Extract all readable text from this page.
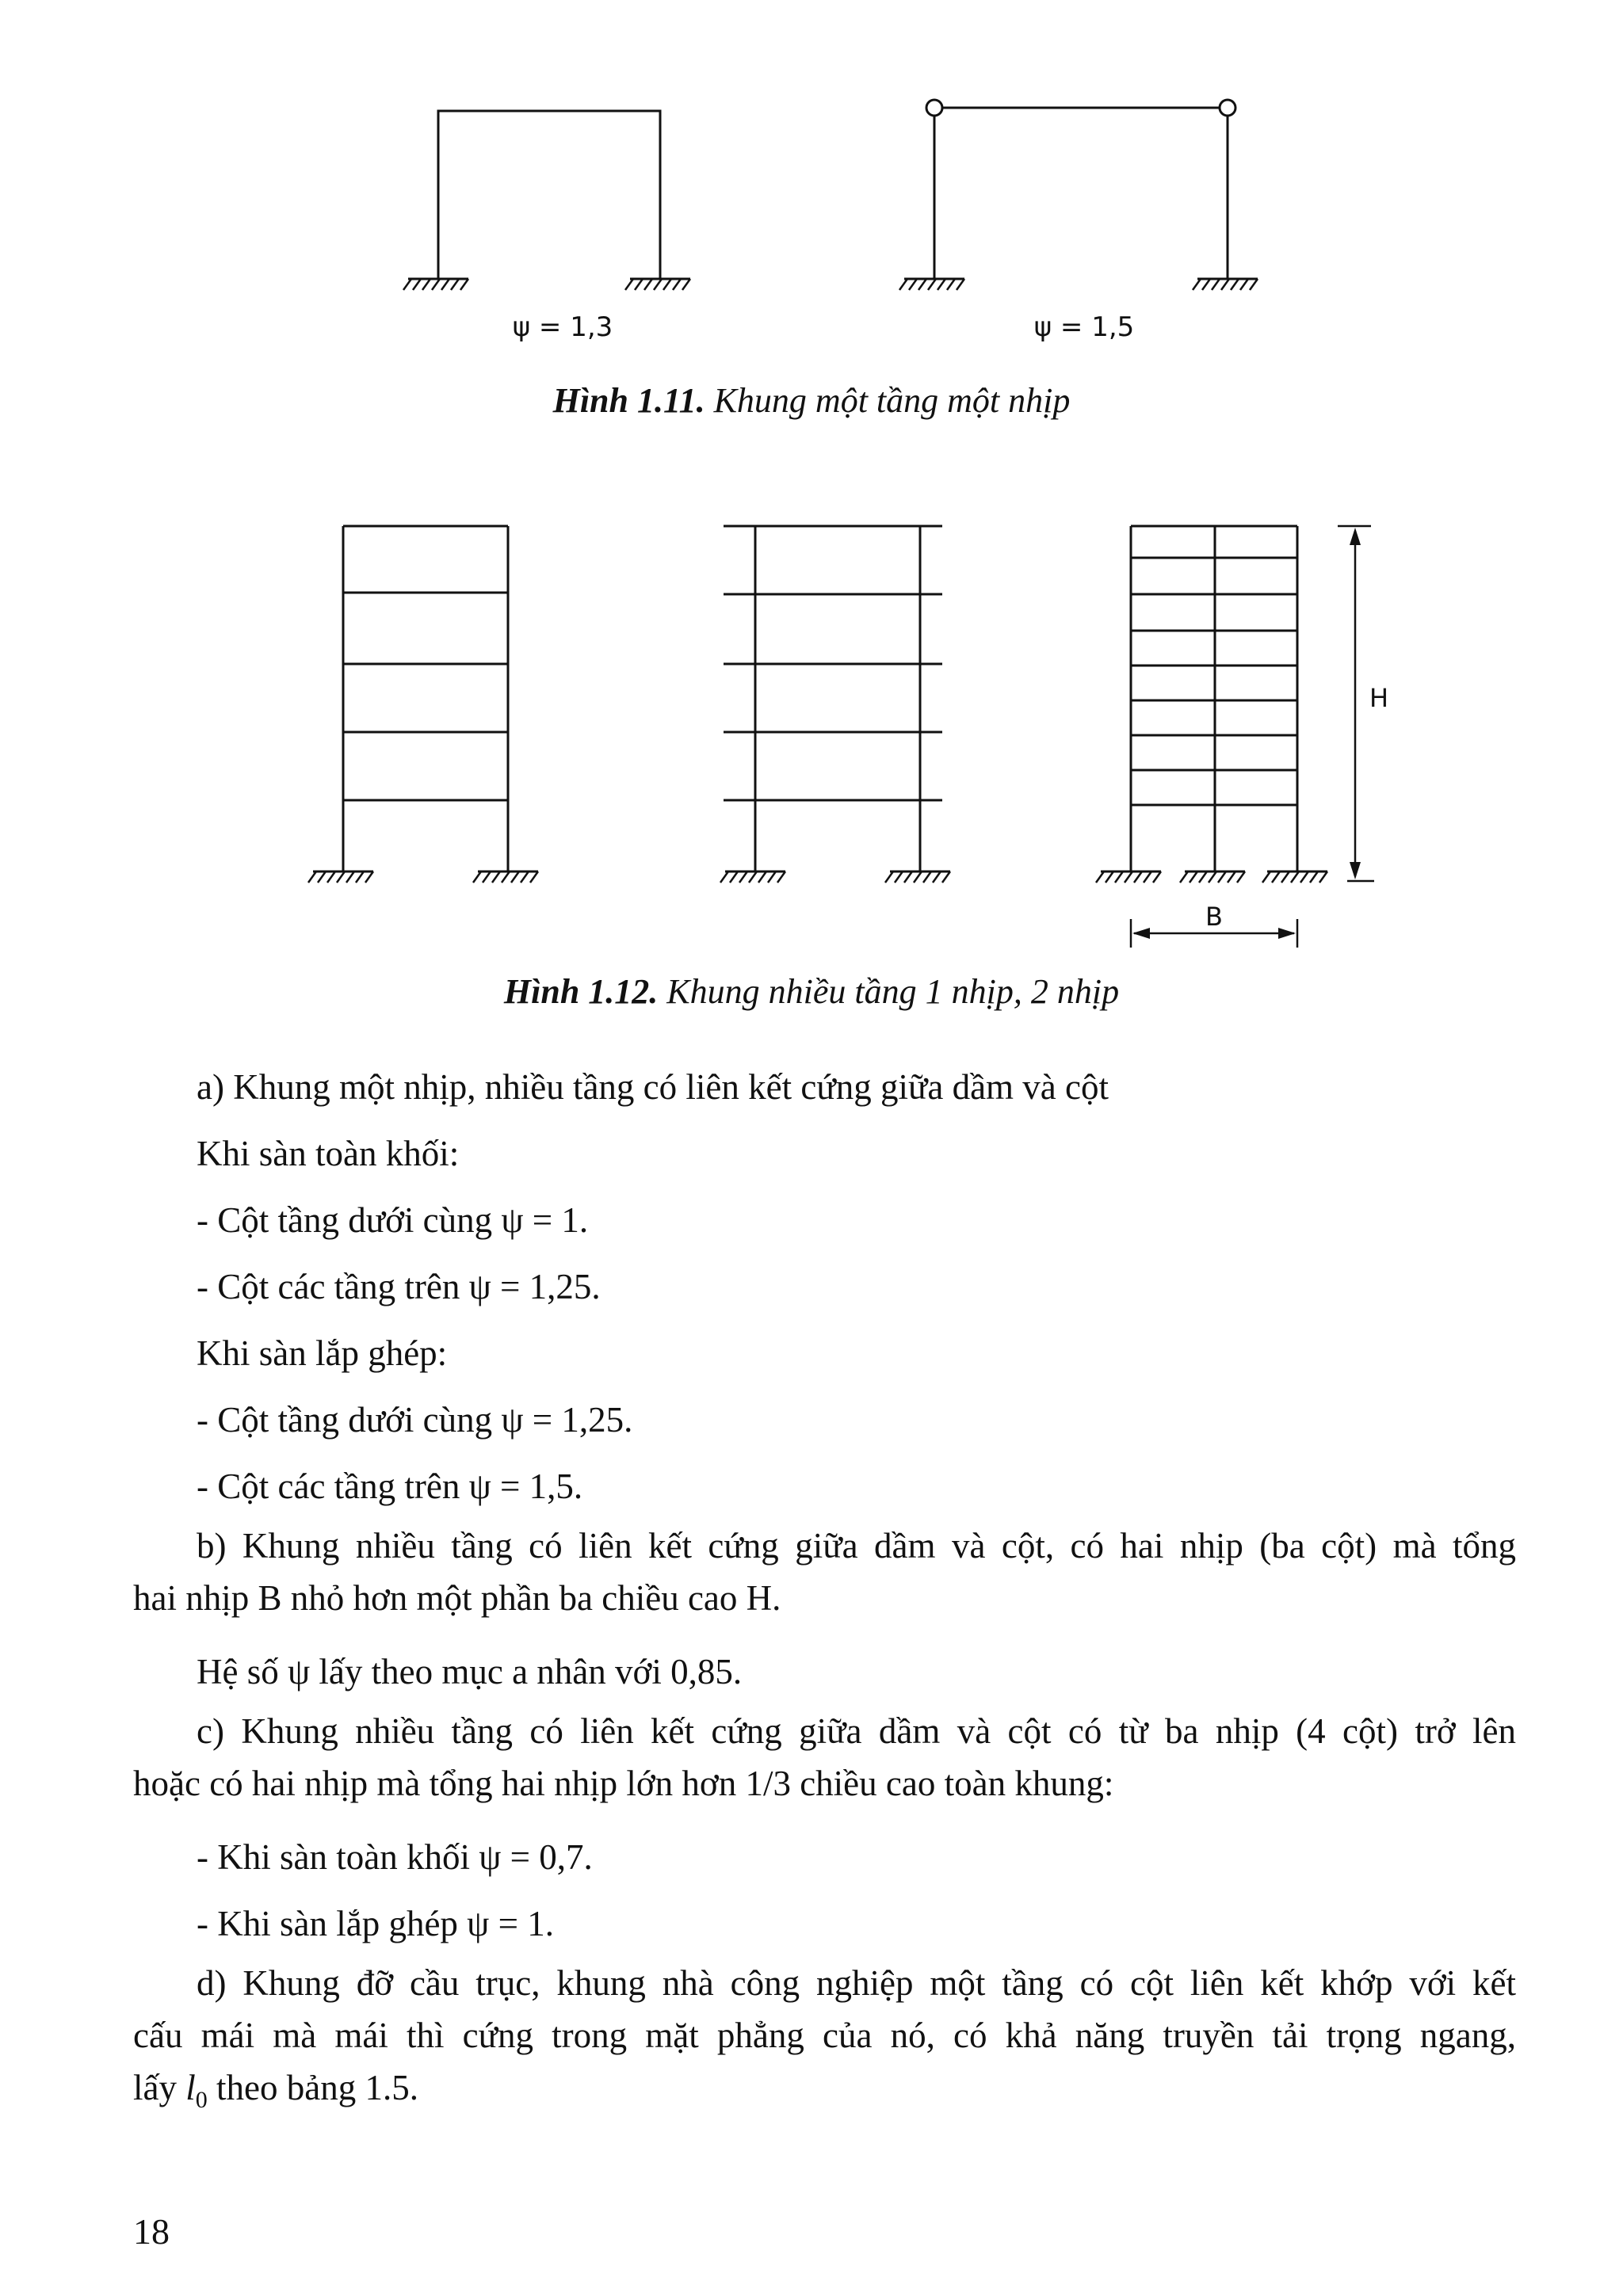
ψ = 1,3	ψ = 1,5
H
B
Hình 1.11. Khung một tầng một nhịp
Hình 1.12. Khung nhiều tầng 1 nhịp, 2 nhịp
a) Khung một nhịp, nhiều tầng có liên kết cứng giữa dầm và cột
Khi sàn toàn khối:
- Cột tầng dưới cùng ψ = 1.
- Cột các tầng trên ψ = 1,25.
Khi sàn lắp ghép:
- Cột tầng dưới cùng ψ = 1,25.
- Cột các tầng trên ψ = 1,5.
b) Khung nhiều tầng có liên kết cứng giữa dầm và cột, có hai nhịp (ba cột) mà tổng
hai nhịp B nhỏ hơn một phần ba chiều cao H.
Hệ số ψ lấy theo mục a nhân với 0,85.
c) Khung nhiều tầng có liên kết cứng giữa dầm và cột có từ ba nhịp (4 cột) trở lên
hoặc có hai nhịp mà tổng hai nhịp lớn hơn 1/3 chiều cao toàn khung:
- Khi sàn toàn khối ψ = 0,7.
- Khi sàn lắp ghép ψ = 1.
d) Khung đỡ cầu trục, khung nhà công nghiệp một tầng có cột liên kết khớp với kết
cấu mái mà mái thì cứng trong mặt phẳng của nó, có khả năng truyền tải trọng ngang,
lấy $l_0$ theo bảng 1.5.
18
